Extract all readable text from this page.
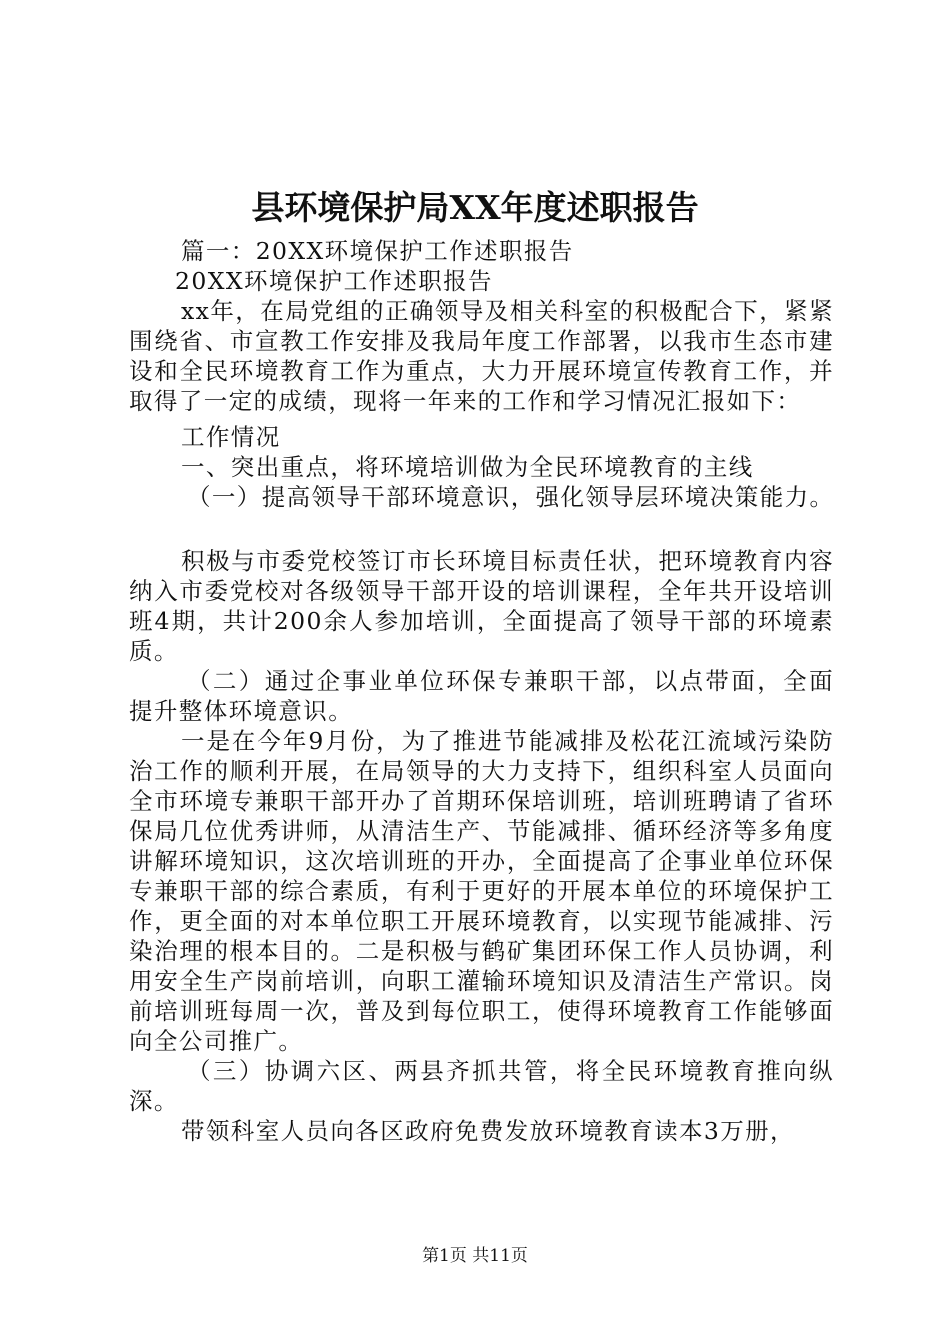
县环境保护局XX年度述职报告

篇一：20XX环境保护工作述职报告

20XX环境保护工作述职报告

xx年，在局党组的正确领导及相关科室的积极配合下，紧紧围绕省、市宣教工作安排及我局年度工作部署，以我市生态市建设和全民环境教育工作为重点，大力开展环境宣传教育工作，并取得了一定的成绩，现将一年来的工作和学习情况汇报如下：

工作情况

一、突出重点，将环境培训做为全民环境教育的主线

（一）提高领导干部环境意识，强化领导层环境决策能力。

积极与市委党校签订市长环境目标责任状，把环境教育内容纳入市委党校对各级领导干部开设的培训课程，全年共开设培训班4期，共计200余人参加培训，全面提高了领导干部的环境素质。

（二）通过企事业单位环保专兼职干部，以点带面，全面提升整体环境意识。

一是在今年9月份，为了推进节能减排及松花江流域污染防治工作的顺利开展，在局领导的大力支持下，组织科室人员面向全市环境专兼职干部开办了首期环保培训班，培训班聘请了省环保局几位优秀讲师，从清洁生产、节能减排、循环经济等多角度讲解环境知识，这次培训班的开办，全面提高了企事业单位环保专兼职干部的综合素质，有利于更好的开展本单位的环境保护工作，更全面的对本单位职工开展环境教育，以实现节能减排、污染治理的根本目的。二是积极与鹤矿集团环保工作人员协调，利用安全生产岗前培训，向职工灌输环境知识及清洁生产常识。岗前培训班每周一次，普及到每位职工，使得环境教育工作能够面向全公司推广。

（三）协调六区、两县齐抓共管，将全民环境教育推向纵深。

带领科室人员向各区政府免费发放环境教育读本3万册，

第1页 共11页
